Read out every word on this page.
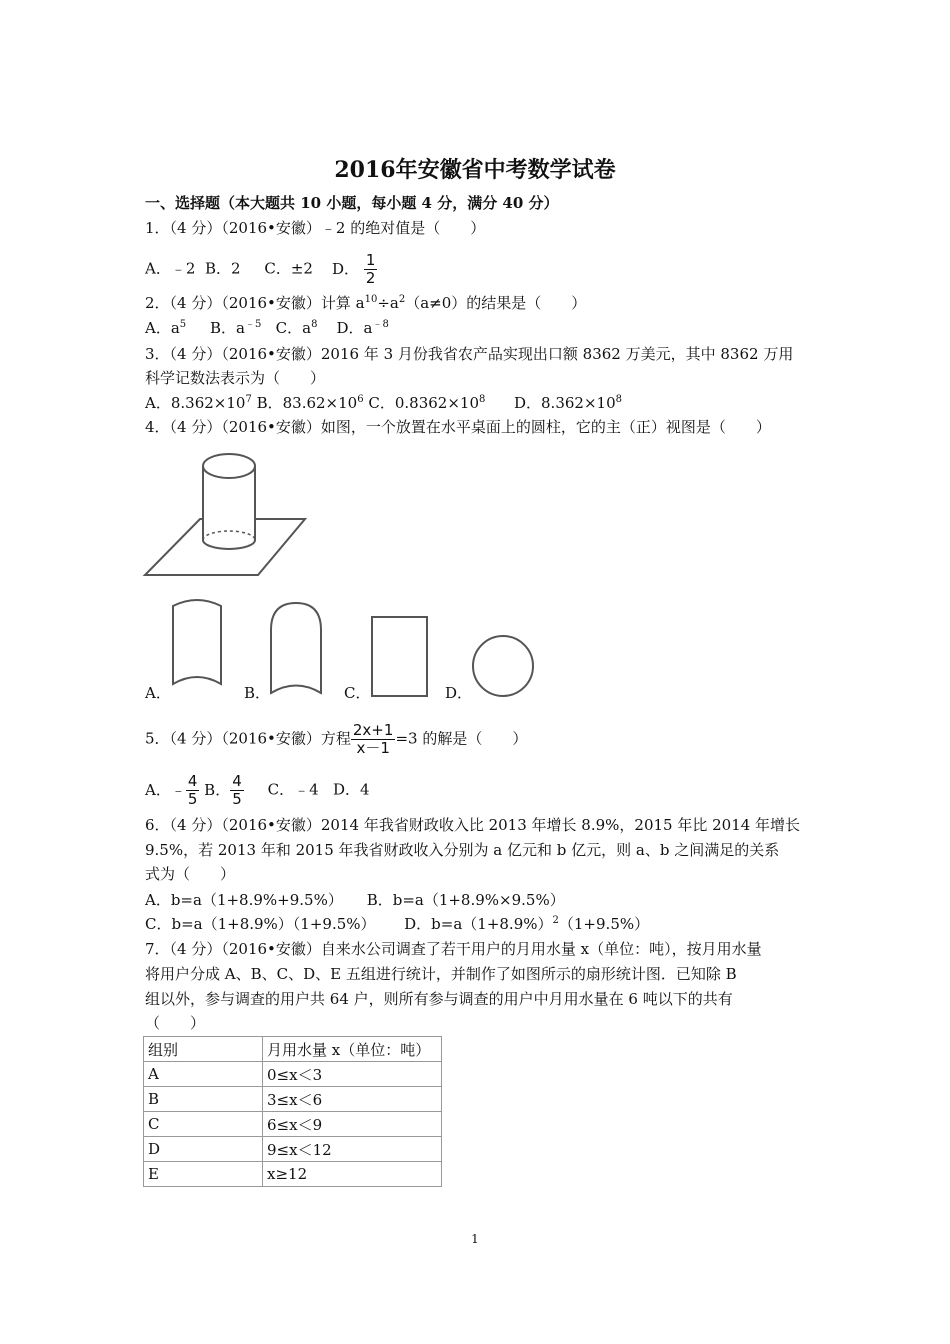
2016年安徽省中考数学试卷
一、选择题（本大题共 10 小题，每小题 4 分，满分 40 分）
1．（4 分）（2016•安徽）﹣2 的绝对值是（　　）
A．﹣2 B．2 C．±2 D． $\frac{1}{2}$
2．（4 分）（2016•安徽）计算 $a^{10}\div a^2(a\ne 0)$的结果是（　　）
A．$a^5$ B．$a^{﹣5}$ C．$a^8$ D．$a^{﹣8}$
3．（4 分）（2016•安徽）2016 年 3 月份我省农产品实现出口额 8362 万美元，其中 8362 万用
科学记数法表示为（　　）
A．$8.362\times 10^7$ B．$83.62\times 10^6$ C．$0.8362\times 10^8$ D．$8.362\times 10^8$
4．（4 分）（2016•安徽）如图，一个放置在水平桌面上的圆柱，它的主（正）视图是（　　）
A．	B．	C．	D．
5．（4 分）（2016•安徽）方程 $\frac{2x+1}{x-1} =3$ 的解是（　　）
A．﹣ $\frac{4}{5}$ B． $\frac{4}{5}$ C．﹣4 D．4
6．（4 分）（2016•安徽）2014 年我省财政收入比 2013 年增长 8.9%，2015 年比 2014 年增长
9.5%，若 2013 年和 2015 年我省财政收入分别为 a 亿元和 b 亿元，则 a、b 之间满足的关系
式为（　　）
A．b=a（1+8.9%+9.5%） B．b=a（1+8.9%×9.5%）
C．b=a（1+8.9%）（1+9.5%） D．$b=a(1+8.9\%)^2(1+9.5\%)$
7．（4 分）（2016•安徽）自来水公司调查了若干用户的月用水量 x（单位：吨），按月用水量
将用户分成 A、B、C、D、E 五组进行统计，并制作了如图所示的扇形统计图．已知除 B
组以外，参与调查的用户共 64 户，则所有参与调查的用户中月用水量在 6 吨以下的共有
（　　）
组别	月用水量 x（单位：吨）
A	0≤x＜3
B	3≤x＜6
C	6≤x＜9
D	9≤x＜12
E	x≥12
1
